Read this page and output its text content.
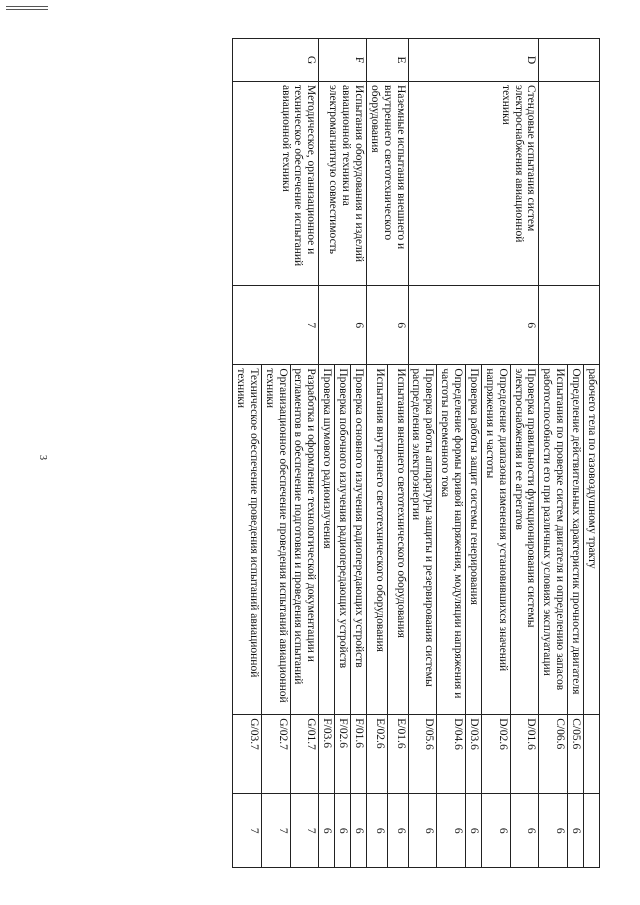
3
				рабочего тела по газовоздушному тракту		
			Определение действительных характеристик прочности двигателя	C/05.6	6
			Испытания по проверке систем двигателя и определению запасов работоспособности его при различных условиях эксплуатации	C/06.6	6
D	Стендовые испытания систем электроснабжения авиационной техники	6	Проверка правильности функционирования системы электроснабжения и ее агрегатов	D/01.6	6
			Определение диапазона изменения установившихся значений напряжения и частоты	D/02.6	6
			Проверка работы защит системы генерирования	D/03.6	6
			Определение формы кривой напряжения, модуляции напряжения и частоты переменного тока	D/04.6	6
			Проверка работы аппаратуры защиты и резервирования системы распределения электроэнергии	D/05.6	6
E	Наземные испытания внешнего и внутреннего светотехнического оборудования	6	Испытания внешнего светотехнического оборудования	E/01.6	6
			Испытания внутреннего светотехнического оборудования	E/02.6	6
F	Испытания оборудования и изделий авиационной техники на электромагнитную совместимость	6	Проверка основного излучения радиопередающих устройств	F/01.6	6
			Проверка побочного излучения радиопередающих устройств	F/02.6	6
			Проверка шумового радиоизлучения	F/03.6	6
G	Методическое, организационное и техническое обеспечение испытаний авиационной техники	7	Разработка и оформление технологической документации и регламентов в обеспечение подготовки и проведения испытаний	G/01.7	7
			Организационное обеспечение проведения испытаний авиационной техники	G/02.7	7
			Техническое обеспечение проведения испытаний авиационной техники	G/03.7	7
